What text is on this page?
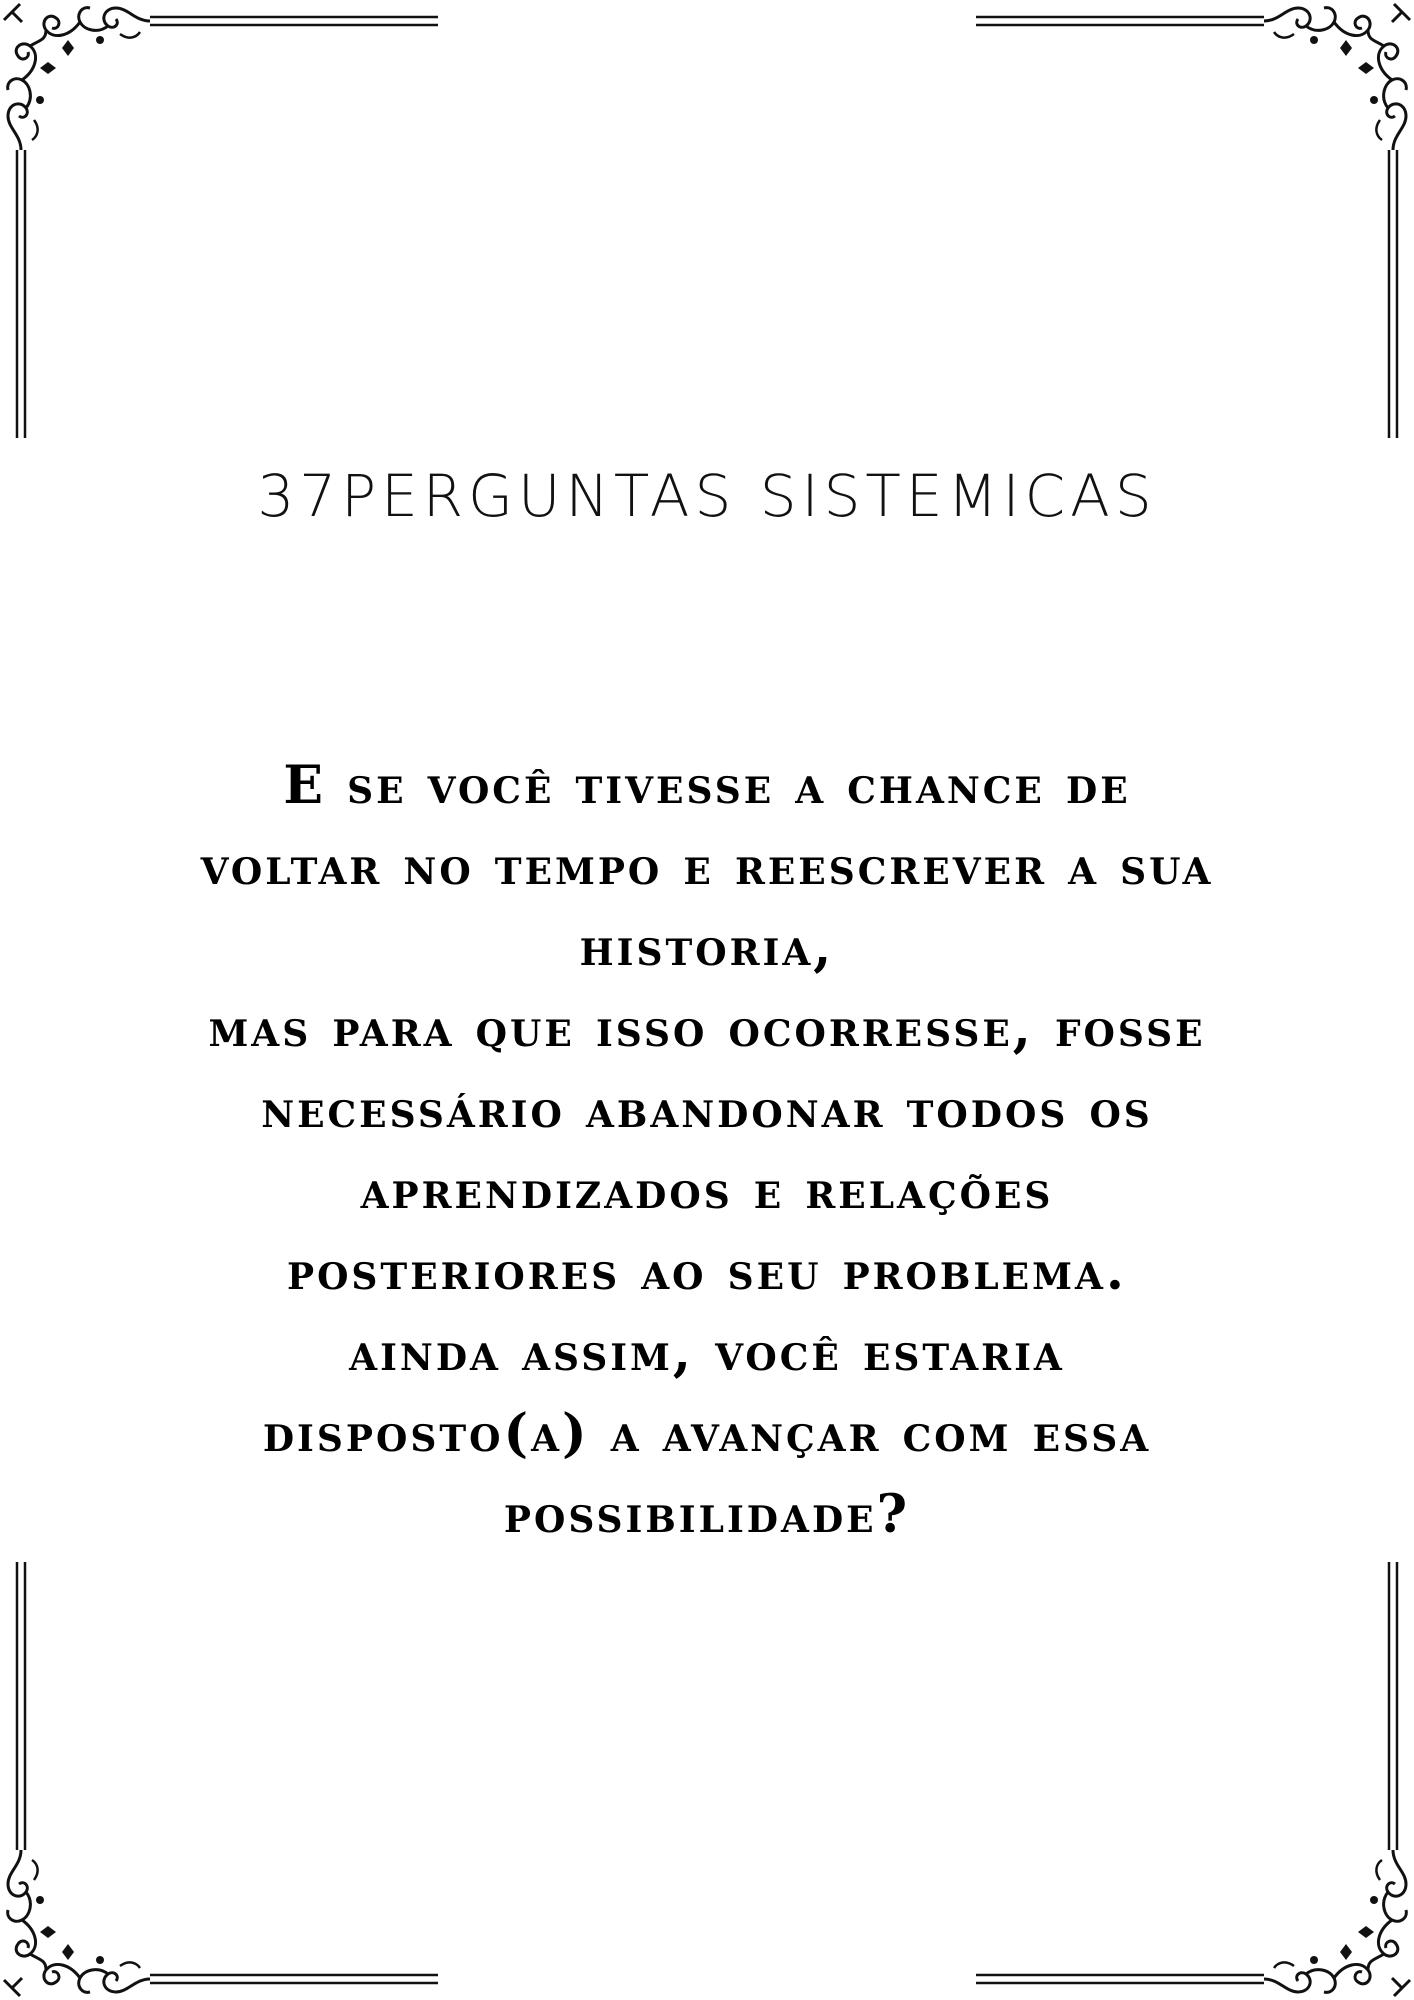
37PERGUNTAS SISTEMICAS
E se você tivesse a chance de
voltar no tempo e reescrever a sua
historia,
mas para que isso ocorresse, fosse
necessário abandonar todos os
aprendizados e relações
posteriores ao seu problema.
ainda assim, você estaria
disposto(a) a avançar com essa
possibilidade?
